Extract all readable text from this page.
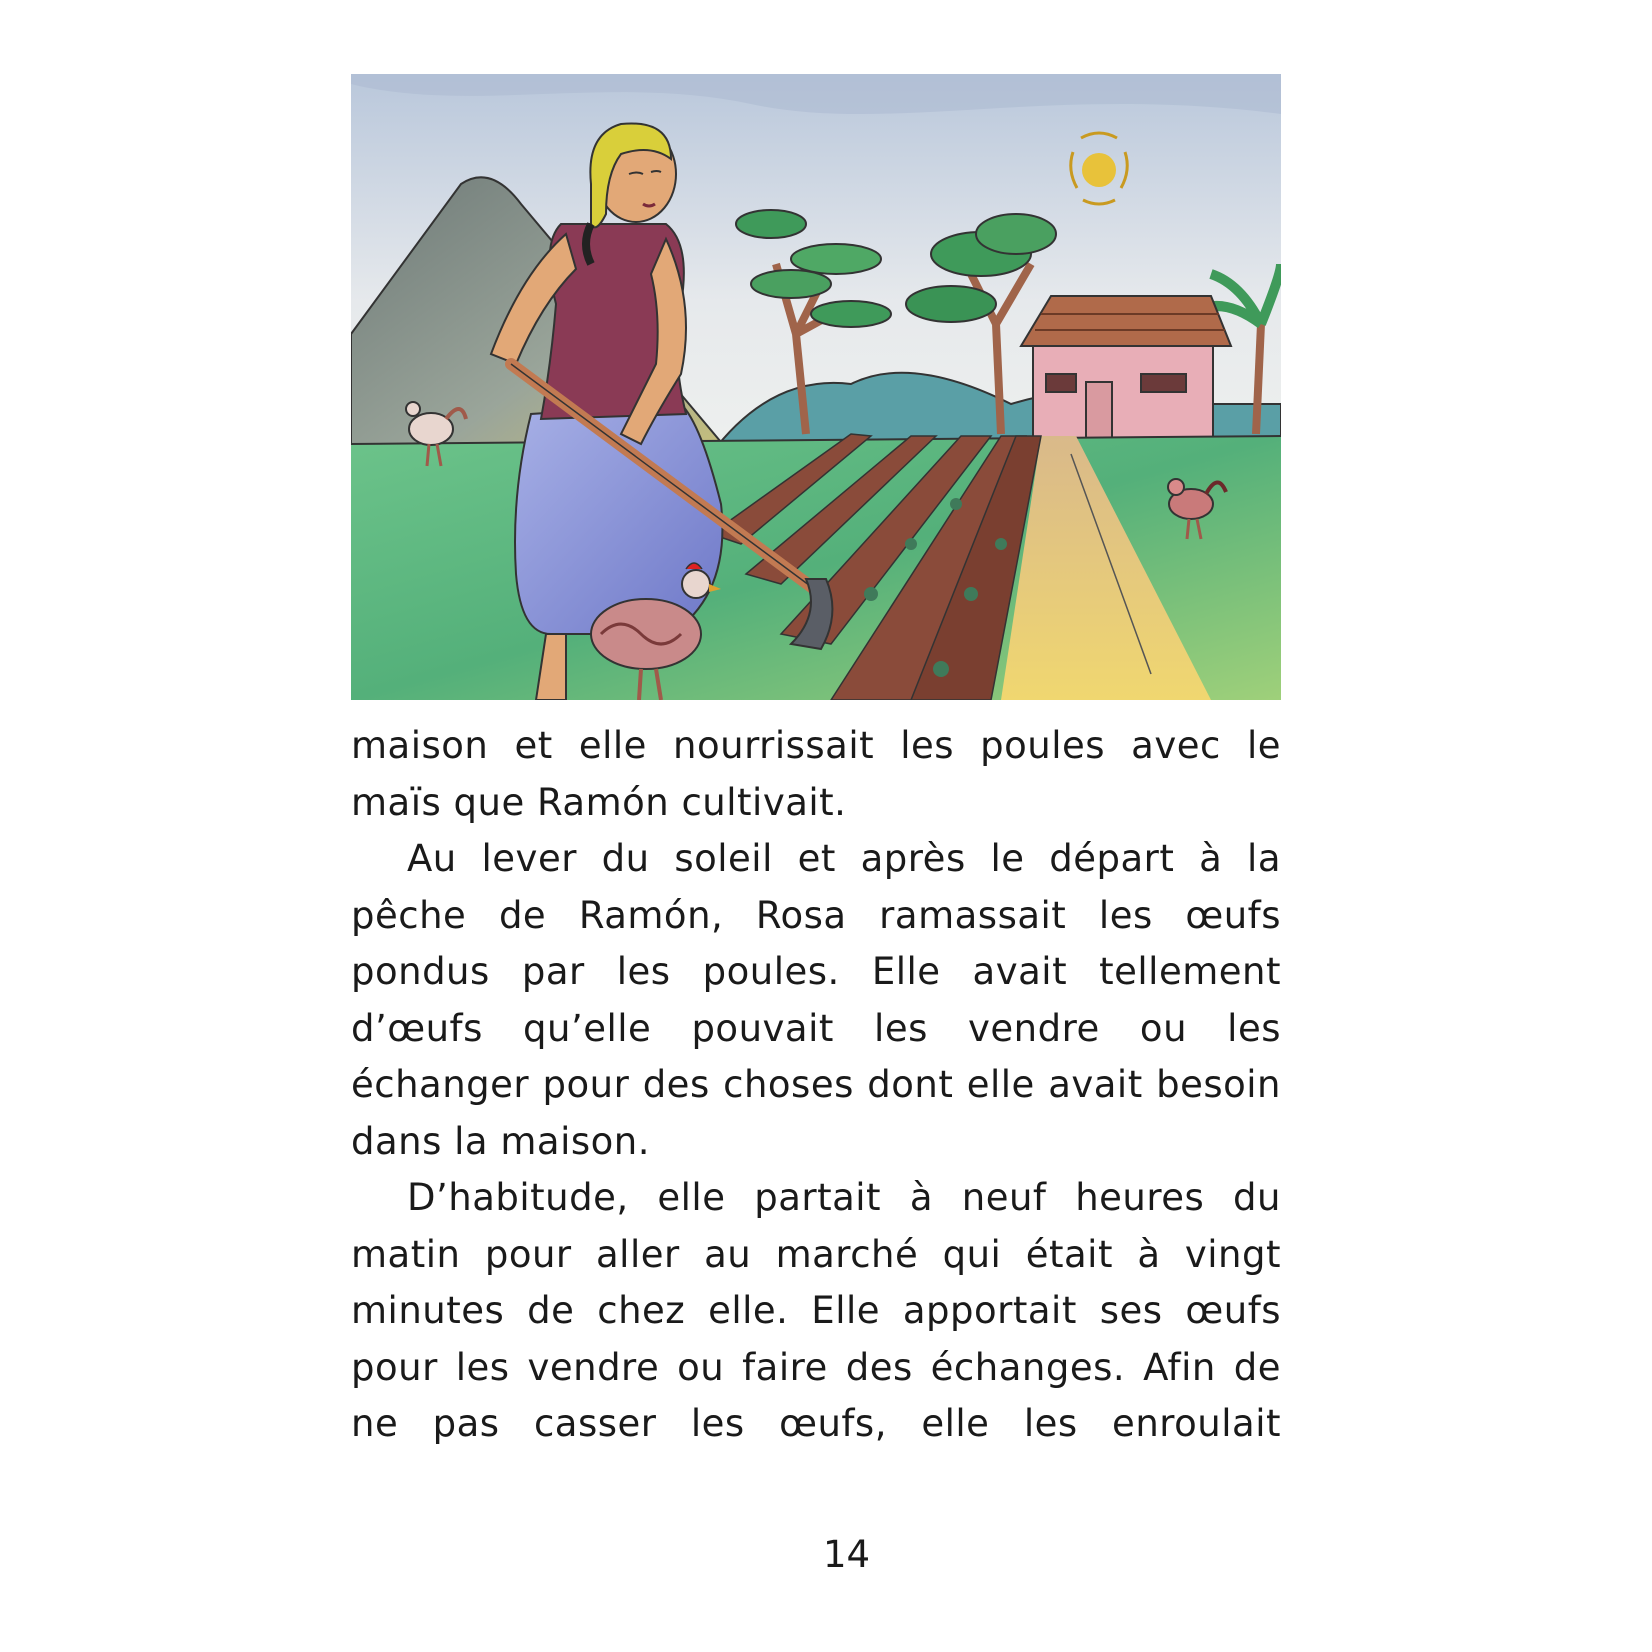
maison et elle nourrissait les poules avec le maïs que Ramón cultivait.

Au lever du soleil et après le départ à la pêche de Ramón, Rosa ramassait les œufs pondus par les poules. Elle avait tellement d’œufs qu’elle pouvait les vendre ou les échanger pour des choses dont elle avait besoin dans la maison.

D’habitude, elle partait à neuf heures du matin pour aller au marché qui était à vingt minutes de chez elle. Elle apportait ses œufs pour les vendre ou faire des échanges. Afin de ne pas casser les œufs, elle les enroulait

14
